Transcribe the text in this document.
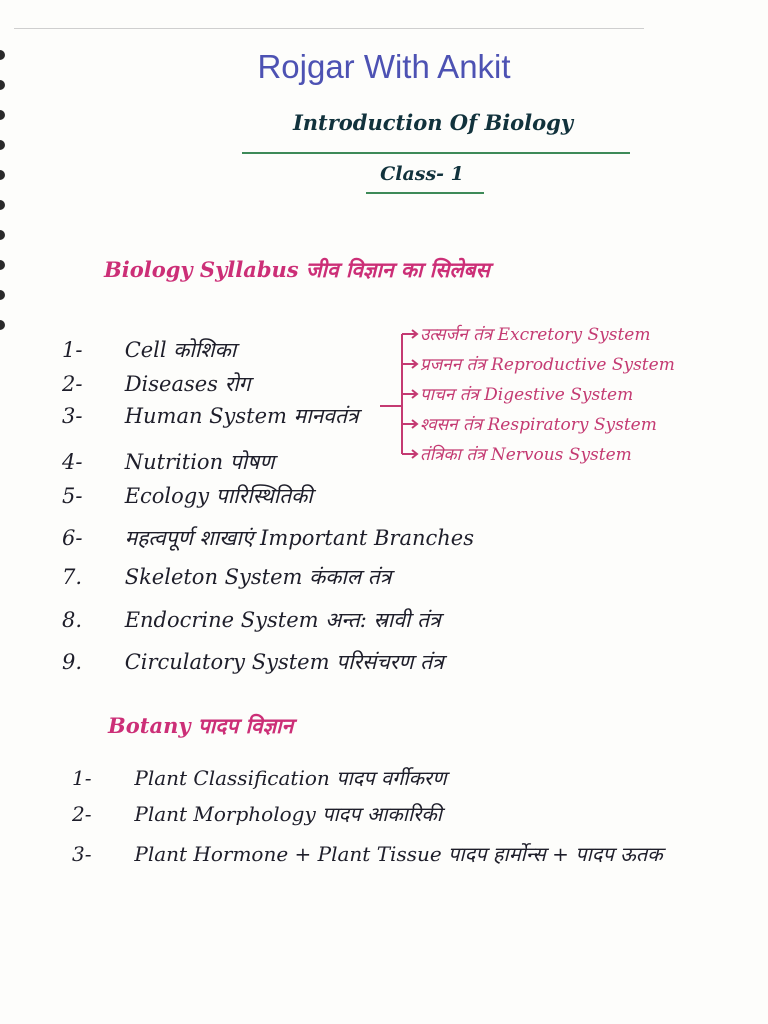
Rojgar With Ankit
Introduction Of Biology
Class- 1
Biology Syllabus जीव विज्ञान का सिलेबस
1- Cell कोशिका
2- Diseases रोग
3- Human System मानवतंत्र
4- Nutrition पोषण
5- Ecology पारिस्थितिकी
6- महत्वपूर्ण शाखाएं Important Branches
7. Skeleton System कंकाल तंत्र
8. Endocrine System अन्त: स्रावी तंत्र
9. Circulatory System परिसंचरण तंत्र
उत्सर्जन तंत्र Excretory System
प्रजनन तंत्र Reproductive System
पाचन तंत्र Digestive System
श्वसन तंत्र Respiratory System
तंत्रिका तंत्र Nervous System
Botany पादप विज्ञान
1- Plant Classification पादप वर्गीकरण
2- Plant Morphology पादप आकारिकी
3- Plant Hormone + Plant Tissue पादप हार्मोन्स + पादप ऊतक
